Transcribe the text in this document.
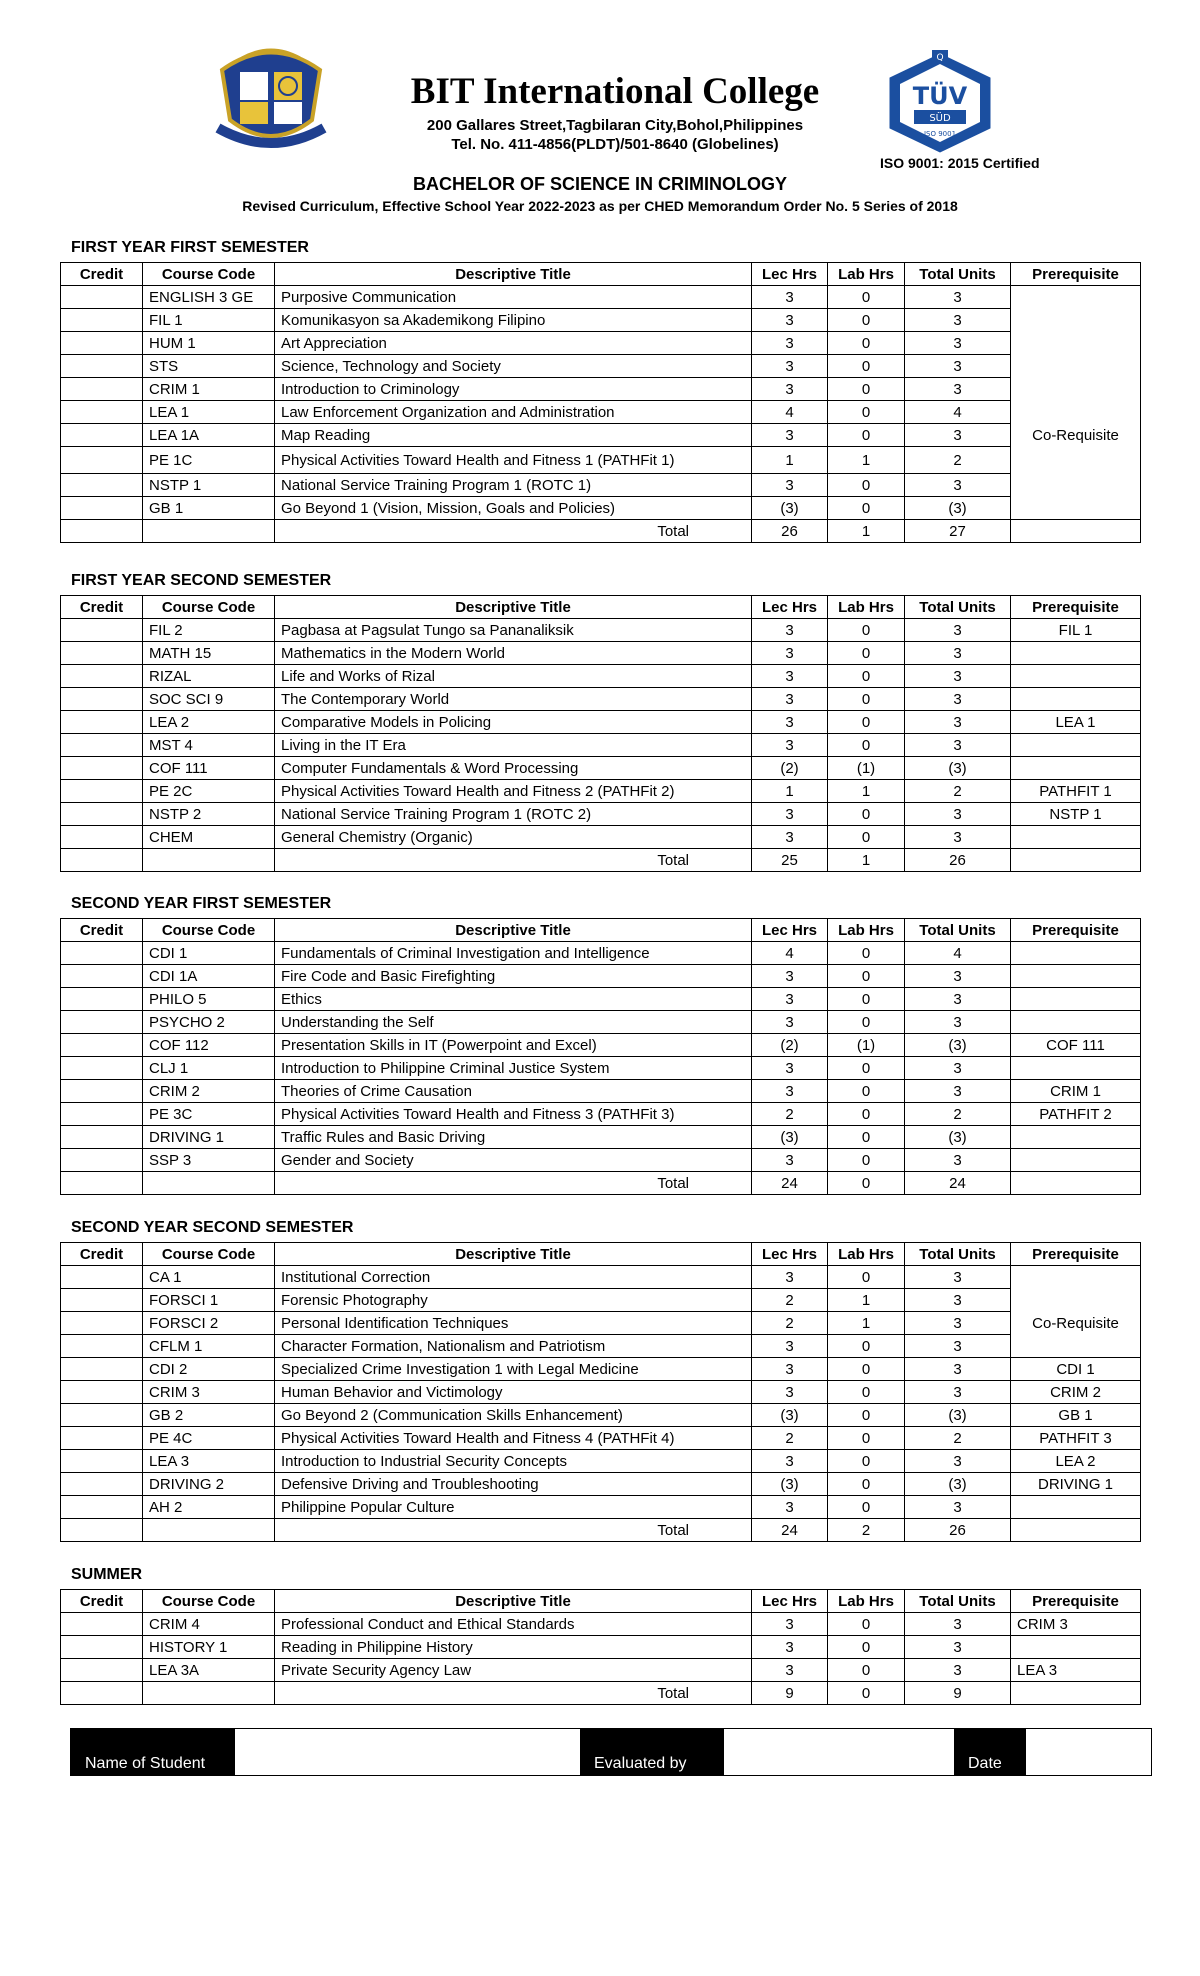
BIT International College
200 Gallares Street,Tagbilaran City,Bohol,Philippines
Tel. No. 411-4856(PLDT)/501-8640 (Globelines)
Q
TÜV
SÜD
ISO 9001
ISO 9001: 2015 Certified
BACHELOR OF SCIENCE IN CRIMINOLOGY
Revised Curriculum, Effective School Year 2022-2023 as per CHED Memorandum Order No. 5 Series of 2018
FIRST YEAR FIRST SEMESTER
FIRST YEAR SECOND SEMESTER
SECOND YEAR FIRST SEMESTER
SECOND YEAR SECOND SEMESTER
SUMMER
Credit	Course Code	Descriptive Title	Lec Hrs	Lab Hrs	Total Units	Prerequisite
	ENGLISH 3 GE	Purposive Communication	3	0	3	
	FIL 1	Komunikasyon sa Akademikong Filipino	3	0	3	
	HUM 1	Art Appreciation	3	0	3	
	STS	Science, Technology and Society	3	0	3	
	CRIM 1	Introduction to Criminology	3	0	3	
	LEA 1	Law Enforcement Organization and Administration	4	0	4	
	LEA 1A	Map Reading	3	0	3	Co-Requisite
	PE 1C	Physical Activities Toward Health and Fitness 1 (PATHFit 1)	1	1	2	
	NSTP 1	National Service Training Program 1 (ROTC 1)	3	0	3	
	GB 1	Go Beyond 1 (Vision, Mission, Goals and Policies)	(3)	0	(3)	
		Total	26	1	27	
Credit	Course Code	Descriptive Title	Lec Hrs	Lab Hrs	Total Units	Prerequisite
	FIL 2	Pagbasa at Pagsulat Tungo sa Pananaliksik	3	0	3	FIL 1
	MATH 15	Mathematics in the Modern World	3	0	3	
	RIZAL	Life and Works of Rizal	3	0	3	
	SOC SCI 9	The Contemporary World	3	0	3	
	LEA 2	Comparative Models in Policing	3	0	3	LEA 1
	MST 4	Living in the IT Era	3	0	3	
	COF 111	Computer Fundamentals & Word Processing	(2)	(1)	(3)	
	PE 2C	Physical Activities Toward Health and Fitness 2 (PATHFit 2)	1	1	2	PATHFIT 1
	NSTP 2	National Service Training Program 1 (ROTC 2)	3	0	3	NSTP 1
	CHEM	General Chemistry (Organic)	3	0	3	
		Total	25	1	26	
Credit	Course Code	Descriptive Title	Lec Hrs	Lab Hrs	Total Units	Prerequisite
	CDI 1	Fundamentals of Criminal Investigation and Intelligence	4	0	4	
	CDI 1A	Fire Code and Basic Firefighting	3	0	3	
	PHILO 5	Ethics	3	0	3	
	PSYCHO 2	Understanding the Self	3	0	3	
	COF 112	Presentation Skills in IT (Powerpoint and Excel)	(2)	(1)	(3)	COF 111
	CLJ 1	Introduction to Philippine Criminal Justice System	3	0	3	
	CRIM 2	Theories of Crime Causation	3	0	3	CRIM 1
	PE 3C	Physical Activities Toward Health and Fitness 3 (PATHFit 3)	2	0	2	PATHFIT 2
	DRIVING 1	Traffic Rules and Basic Driving	(3)	0	(3)	
	SSP 3	Gender and Society	3	0	3	
		Total	24	0	24	
Credit	Course Code	Descriptive Title	Lec Hrs	Lab Hrs	Total Units	Prerequisite
	CA 1	Institutional Correction	3	0	3	
	FORSCI 1	Forensic Photography	2	1	3	
	FORSCI 2	Personal Identification Techniques	2	1	3	Co-Requisite
	CFLM 1	Character Formation, Nationalism and Patriotism	3	0	3	
	CDI 2	Specialized Crime Investigation 1 with Legal Medicine	3	0	3	CDI 1
	CRIM 3	Human Behavior and Victimology	3	0	3	CRIM 2
	GB 2	Go Beyond 2 (Communication Skills Enhancement)	(3)	0	(3)	GB 1
	PE 4C	Physical Activities Toward Health and Fitness 4 (PATHFit 4)	2	0	2	PATHFIT 3
	LEA 3	Introduction to Industrial Security Concepts	3	0	3	LEA 2
	DRIVING 2	Defensive Driving and Troubleshooting	(3)	0	(3)	DRIVING 1
	AH 2	Philippine Popular Culture	3	0	3	
		Total	24	2	26	
Credit	Course Code	Descriptive Title	Lec Hrs	Lab Hrs	Total Units	Prerequisite
	CRIM 4	Professional Conduct and Ethical Standards	3	0	3	CRIM 3
	HISTORY 1	Reading in Philippine History	3	0	3	
	LEA 3A	Private Security Agency Law	3	0	3	LEA 3
		Total	9	0	9	
Name of Student	Evaluated by	Date
